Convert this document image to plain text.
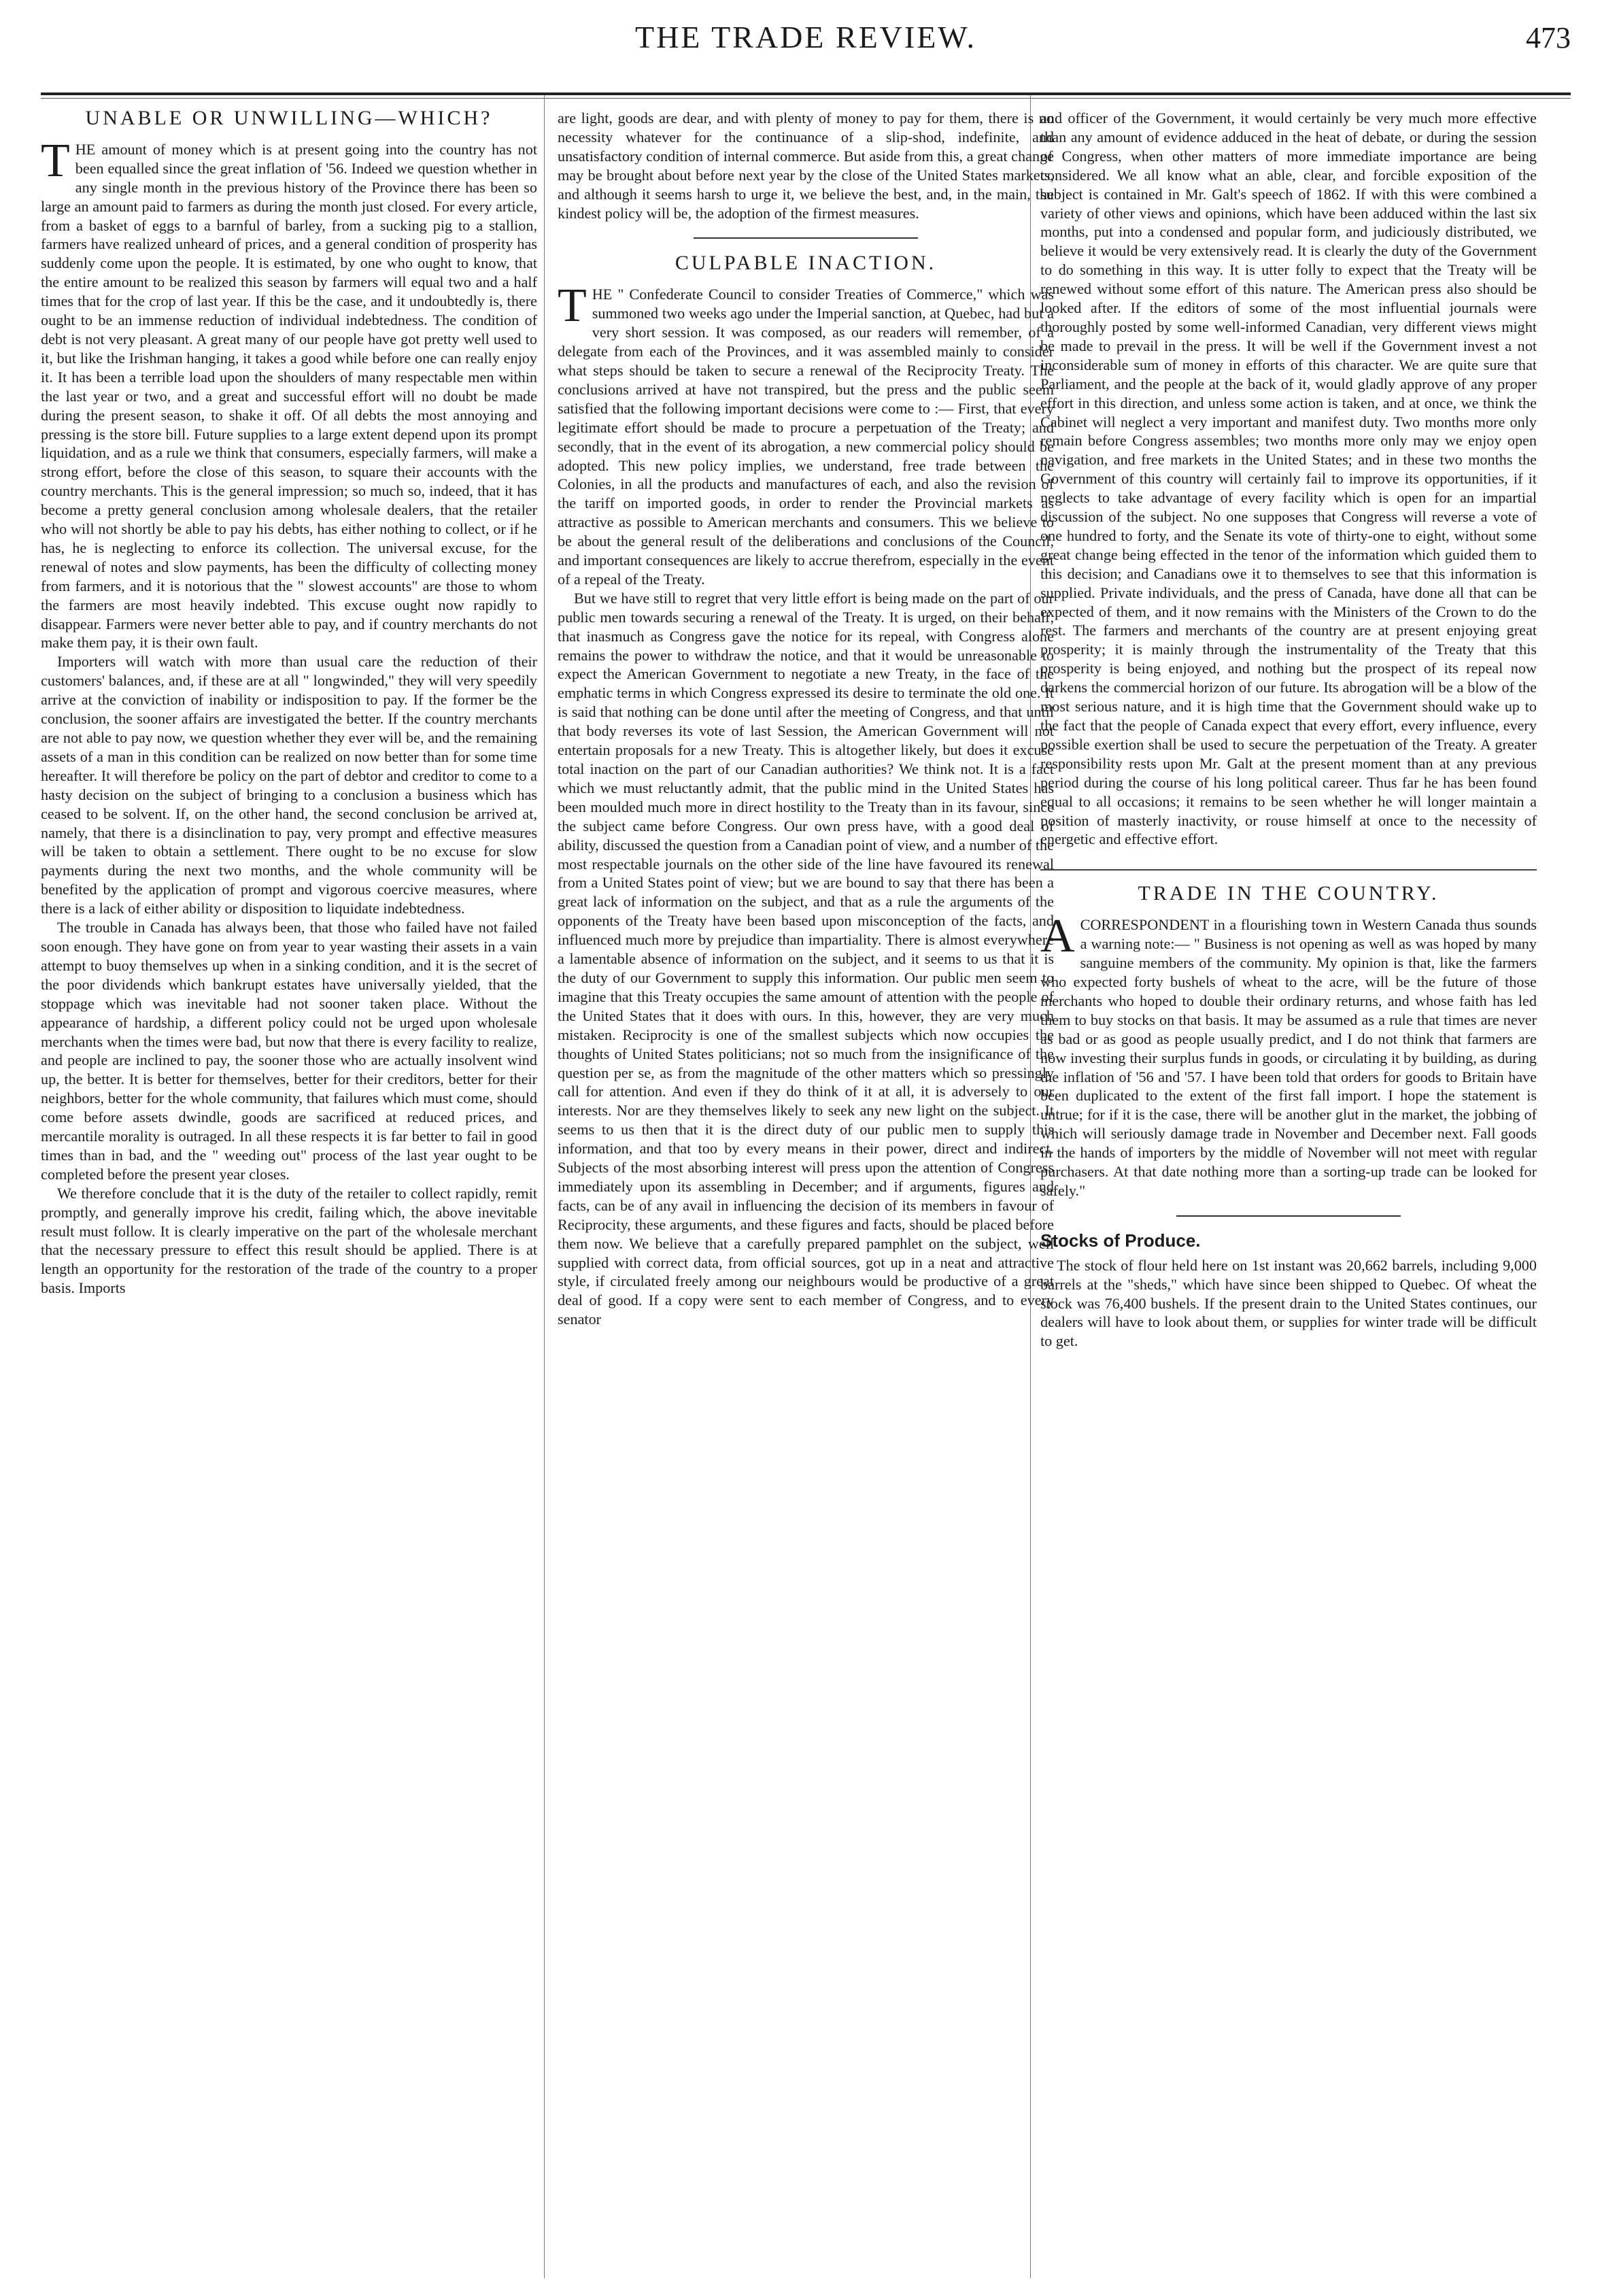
THE TRADE REVIEW.	473
UNABLE OR UNWILLING—WHICH?

THE amount of money which is at present going into the country has not been equalled since the great inflation of '56. Indeed we question whether in any single month in the previous history of the Province there has been so large an amount paid to farmers as during the month just closed. For every article, from a basket of eggs to a barnful of barley, from a sucking pig to a stallion, farmers have realized unheard of prices, and a general condition of prosperity has suddenly come upon the people. It is estimated, by one who ought to know, that the entire amount to be realized this season by farmers will equal two and a half times that for the crop of last year. If this be the case, and it undoubtedly is, there ought to be an immense reduction of individual indebtedness. The condition of debt is not very pleasant. A great many of our people have got pretty well used to it, but like the Irishman hanging, it takes a good while before one can really enjoy it. It has been a terrible load upon the shoulders of many respectable men within the last year or two, and a great and successful effort will no doubt be made during the present season, to shake it off. Of all debts the most annoying and pressing is the store bill. Future supplies to a large extent depend upon its prompt liquidation, and as a rule we think that consumers, especially farmers, will make a strong effort, before the close of this season, to square their accounts with the country merchants. This is the general impression; so much so, indeed, that it has become a pretty general conclusion among wholesale dealers, that the retailer who will not shortly be able to pay his debts, has either nothing to collect, or if he has, he is neglecting to enforce its collection. The universal excuse, for the renewal of notes and slow payments, has been the difficulty of collecting money from farmers, and it is notorious that the " slowest accounts" are those to whom the farmers are most heavily indebted. This excuse ought now rapidly to disappear. Farmers were never better able to pay, and if country merchants do not make them pay, it is their own fault.

Importers will watch with more than usual care the reduction of their customers' balances, and, if these are at all " longwinded," they will very speedily arrive at the conviction of inability or indisposition to pay. If the former be the conclusion, the sooner affairs are investigated the better. If the country merchants are not able to pay now, we question whether they ever will be, and the remaining assets of a man in this condition can be realized on now better than for some time hereafter. It will therefore be policy on the part of debtor and creditor to come to a hasty decision on the subject of bringing to a conclusion a business which has ceased to be solvent. If, on the other hand, the second conclusion be arrived at, namely, that there is a disinclination to pay, very prompt and effective measures will be taken to obtain a settlement. There ought to be no excuse for slow payments during the next two months, and the whole community will be benefited by the application of prompt and vigorous coercive measures, where there is a lack of either ability or disposition to liquidate indebtedness.

The trouble in Canada has always been, that those who failed have not failed soon enough. They have gone on from year to year wasting their assets in a vain attempt to buoy themselves up when in a sinking condition, and it is the secret of the poor dividends which bankrupt estates have universally yielded, that the stoppage which was inevitable had not sooner taken place. Without the appearance of hardship, a different policy could not be urged upon wholesale merchants when the times were bad, but now that there is every facility to realize, and people are inclined to pay, the sooner those who are actually insolvent wind up, the better. It is better for themselves, better for their creditors, better for their neighbors, better for the whole community, that failures which must come, should come before assets dwindle, goods are sacrificed at reduced prices, and mercantile morality is outraged. In all these respects it is far better to fail in good times than in bad, and the " weeding out" process of the last year ought to be completed before the present year closes.

We therefore conclude that it is the duty of the retailer to collect rapidly, remit promptly, and generally improve his credit, failing which, the above inevitable result must follow. It is clearly imperative on the part of the wholesale merchant that the necessary pressure to effect this result should be applied. There is at length an opportunity for the restoration of the trade of the country to a proper basis. Imports

are light, goods are dear, and with plenty of money to pay for them, there is no necessity whatever for the continuance of a slip-shod, indefinite, and unsatisfactory condition of internal commerce. But aside from this, a great change may be brought about before next year by the close of the United States markets, and although it seems harsh to urge it, we believe the best, and, in the main, the kindest policy will be, the adoption of the firmest measures.

CULPABLE INACTION.

THE " Confederate Council to consider Treaties of Commerce," which was summoned two weeks ago under the Imperial sanction, at Quebec, had but a very short session. It was composed, as our readers will remember, of a delegate from each of the Provinces, and it was assembled mainly to consider what steps should be taken to secure a renewal of the Reciprocity Treaty. The conclusions arrived at have not transpired, but the press and the public seem satisfied that the following important decisions were come to :— First, that every legitimate effort should be made to procure a perpetuation of the Treaty; and secondly, that in the event of its abrogation, a new commercial policy should be adopted. This new policy implies, we understand, free trade between the Colonies, in all the products and manufactures of each, and also the revision of the tariff on imported goods, in order to render the Provincial markets as attractive as possible to American merchants and consumers. This we believe to be about the general result of the deliberations and conclusions of the Council, and important consequences are likely to accrue therefrom, especially in the event of a repeal of the Treaty.

But we have still to regret that very little effort is being made on the part of our public men towards securing a renewal of the Treaty. It is urged, on their behalf, that inasmuch as Congress gave the notice for its repeal, with Congress alone remains the power to withdraw the notice, and that it would be unreasonable to expect the American Government to negotiate a new Treaty, in the face of the emphatic terms in which Congress expressed its desire to terminate the old one. It is said that nothing can be done until after the meeting of Congress, and that until that body reverses its vote of last Session, the American Government will not entertain proposals for a new Treaty. This is altogether likely, but does it excuse total inaction on the part of our Canadian authorities? We think not. It is a fact which we must reluctantly admit, that the public mind in the United States has been moulded much more in direct hostility to the Treaty than in its favour, since the subject came before Congress. Our own press have, with a good deal of ability, discussed the question from a Canadian point of view, and a number of the most respectable journals on the other side of the line have favoured its renewal from a United States point of view; but we are bound to say that there has been a great lack of information on the subject, and that as a rule the arguments of the opponents of the Treaty have been based upon misconception of the facts, and influenced much more by prejudice than impartiality. There is almost everywhere a lamentable absence of information on the subject, and it seems to us that it is the duty of our Government to supply this information. Our public men seem to imagine that this Treaty occupies the same amount of attention with the people of the United States that it does with ours. In this, however, they are very much mistaken. Reciprocity is one of the smallest subjects which now occupies the thoughts of United States politicians; not so much from the insignificance of the question per se, as from the magnitude of the other matters which so pressingly call for attention. And even if they do think of it at all, it is adversely to our interests. Nor are they themselves likely to seek any new light on the subject. It seems to us then that it is the direct duty of our public men to supply this information, and that too by every means in their power, direct and indirect. Subjects of the most absorbing interest will press upon the attention of Congress immediately upon its assembling in December; and if arguments, figures and facts, can be of any avail in influencing the decision of its members in favour of Reciprocity, these arguments, and these figures and facts, should be placed before them now. We believe that a carefully prepared pamphlet on the subject, well supplied with correct data, from official sources, got up in a neat and attractive style, if circulated freely among our neighbours would be productive of a great deal of good. If a copy were sent to each member of Congress, and to every senator

and officer of the Government, it would certainly be very much more effective than any amount of evidence adduced in the heat of debate, or during the session of Congress, when other matters of more immediate importance are being considered. We all know what an able, clear, and forcible exposition of the subject is contained in Mr. Galt's speech of 1862. If with this were combined a variety of other views and opinions, which have been adduced within the last six months, put into a condensed and popular form, and judiciously distributed, we believe it would be very extensively read. It is clearly the duty of the Government to do something in this way. It is utter folly to expect that the Treaty will be renewed without some effort of this nature. The American press also should be looked after. If the editors of some of the most influential journals were thoroughly posted by some well-informed Canadian, very different views might be made to prevail in the press. It will be well if the Government invest a not inconsiderable sum of money in efforts of this character. We are quite sure that Parliament, and the people at the back of it, would gladly approve of any proper effort in this direction, and unless some action is taken, and at once, we think the Cabinet will neglect a very important and manifest duty. Two months more only remain before Congress assembles; two months more only may we enjoy open navigation, and free markets in the United States; and in these two months the Government of this country will certainly fail to improve its opportunities, if it neglects to take advantage of every facility which is open for an impartial discussion of the subject. No one supposes that Congress will reverse a vote of one hundred to forty, and the Senate its vote of thirty-one to eight, without some great change being effected in the tenor of the information which guided them to this decision; and Canadians owe it to themselves to see that this information is supplied. Private individuals, and the press of Canada, have done all that can be expected of them, and it now remains with the Ministers of the Crown to do the rest. The farmers and merchants of the country are at present enjoying great prosperity; it is mainly through the instrumentality of the Treaty that this prosperity is being enjoyed, and nothing but the prospect of its repeal now darkens the commercial horizon of our future. Its abrogation will be a blow of the most serious nature, and it is high time that the Government should wake up to the fact that the people of Canada expect that every effort, every influence, every possible exertion shall be used to secure the perpetuation of the Treaty. A greater responsibility rests upon Mr. Galt at the present moment than at any previous period during the course of his long political career. Thus far he has been found equal to all occasions; it remains to be seen whether he will longer maintain a position of masterly inactivity, or rouse himself at once to the necessity of energetic and effective effort.

TRADE IN THE COUNTRY.

ACORRESPONDENT in a flourishing town in Western Canada thus sounds a warning note:— " Business is not opening as well as was hoped by many sanguine members of the community. My opinion is that, like the farmers who expected forty bushels of wheat to the acre, will be the future of those merchants who hoped to double their ordinary returns, and whose faith has led them to buy stocks on that basis. It may be assumed as a rule that times are never as bad or as good as people usually predict, and I do not think that farmers are now investing their surplus funds in goods, or circulating it by building, as during the inflation of '56 and '57. I have been told that orders for goods to Britain have been duplicated to the extent of the first fall import. I hope the statement is untrue; for if it is the case, there will be another glut in the market, the jobbing of which will seriously damage trade in November and December next. Fall goods in the hands of importers by the middle of November will not meet with regular purchasers. At that date nothing more than a sorting-up trade can be looked for safely."

Stocks of Produce.

The stock of flour held here on 1st instant was 20,662 barrels, including 9,000 barrels at the "sheds," which have since been shipped to Quebec. Of wheat the stock was 76,400 bushels. If the present drain to the United States continues, our dealers will have to look about them, or supplies for winter trade will be difficult to get.
